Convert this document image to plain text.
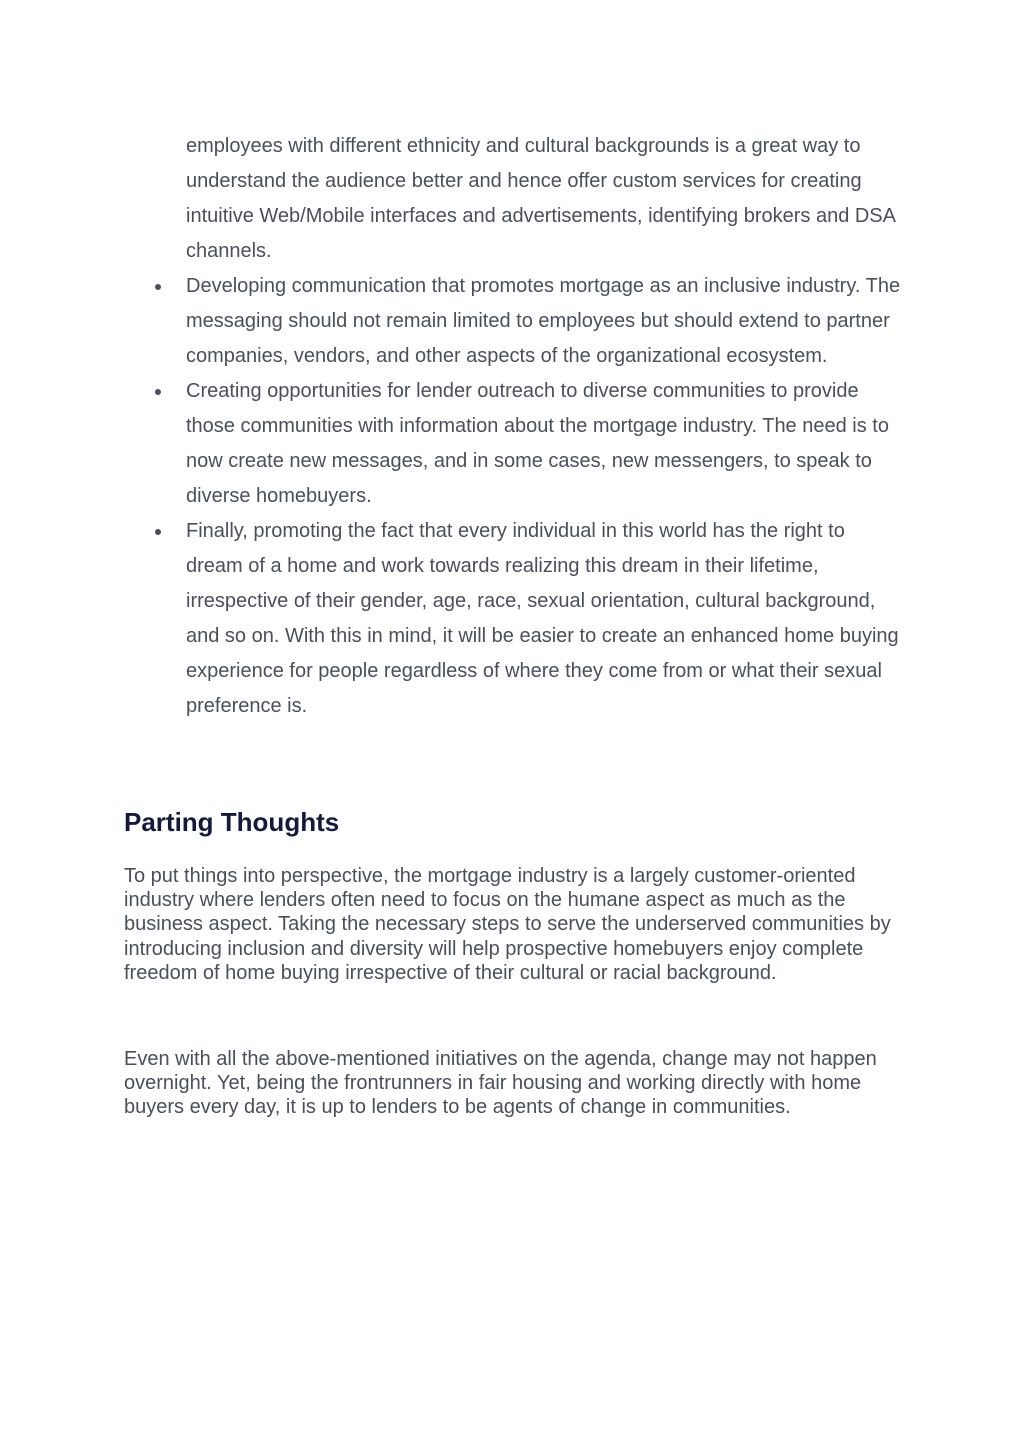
employees with different ethnicity and cultural backgrounds is a great way to understand the audience better and hence offer custom services for creating intuitive Web/Mobile interfaces and advertisements, identifying brokers and DSA channels.

Developing communication that promotes mortgage as an inclusive industry. The messaging should not remain limited to employees but should extend to partner companies, vendors, and other aspects of the organizational ecosystem.
Creating opportunities for lender outreach to diverse communities to provide those communities with information about the mortgage industry. The need is to now create new messages, and in some cases, new messengers, to speak to diverse homebuyers.
Finally, promoting the fact that every individual in this world has the right to dream of a home and work towards realizing this dream in their lifetime, irrespective of their gender, age, race, sexual orientation, cultural background, and so on. With this in mind, it will be easier to create an enhanced home buying experience for people regardless of where they come from or what their sexual preference is.
Parting Thoughts

To put things into perspective, the mortgage industry is a largely customer-oriented industry where lenders often need to focus on the humane aspect as much as the business aspect. Taking the necessary steps to serve the underserved communities by introducing inclusion and diversity will help prospective homebuyers enjoy complete freedom of home buying irrespective of their cultural or racial background.

Even with all the above-mentioned initiatives on the agenda, change may not happen overnight. Yet, being the frontrunners in fair housing and working directly with home buyers every day, it is up to lenders to be agents of change in communities.
